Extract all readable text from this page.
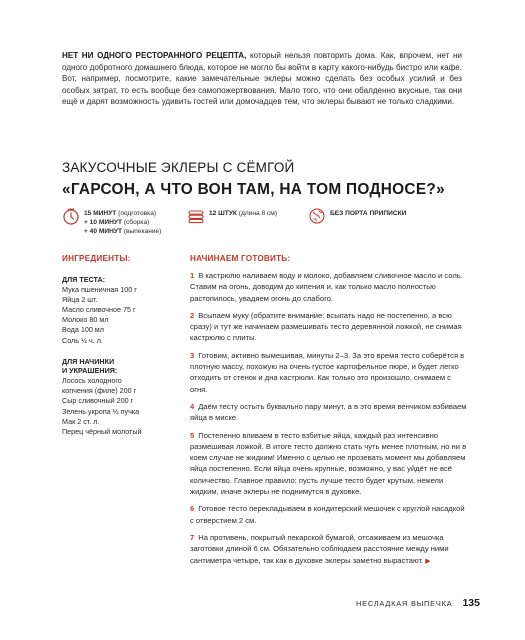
НЕТ НИ ОДНОГО РЕСТОРАННОГО РЕЦЕПТА, который нельзя повторить дома. Как, впрочем, нет ни одного добротного домашнего блюда, которое не могло бы войти в карту какого-нибудь бистро или кафе. Вот, например, посмотрите, какие замечательные эклеры можно сделать без особых усилий и без особых затрат, то есть вообще без самопожертвования. Мало того, что они обалденно вкусные, так они ещё и дарят возможность удивить гостей или домочадцев тем, что эклеры бывают не только сладкими.

ЗАКУСОЧНЫЕ ЭКЛЕРЫ С СЁМГОЙ
«ГАРСОН, А ЧТО ВОН ТАМ, НА ТОМ ПОДНОСЕ?»
15 МИНУТ (подготовка)
+ 10 МИНУТ (сборка)
+ 40 МИНУТ (выпекание)
12 ШТУК (длина 8 см)	БЕЗ ПОРТА ПРИПИСКИ
ИНГРЕДИЕНТЫ:

ДЛЯ ТЕСТА:

Мука пшеничная 100 г

Яйца 2 шт.

Масло сливочное 75 г

Молоко 80 мл

Вода 100 мл

Соль ½ ч. л.

ДЛЯ НАЧИНКИ
И УКРАШЕНИЯ:

Лосось холодного

копчения (филе) 200 г

Сыр сливочный 200 г

Зелень укропа ½ пучка

Мак 2 ст. л.

Перец чёрный молотый

НАЧИНАЕМ ГОТОВИТЬ:

1 В кастрюлю наливаем воду и молоко, добавляем сливочное масло и соль. Ставим на огонь, доводим до кипения и, как только масло полностью растопилось, увадяем огонь до слабого.

2 Всыпаем муку (обратите внимание: всыпать надо не постепенно, а всю сразу) и тут же начинаем размешивать тесто деревянной ложкой, не снимая кастрюлю с плиты.

3 Готовим, активно вымешивая, минуты 2–3. За это время тесто соберётся в плотную массу, похожую на очень густое картофельное пюре, и будет легко отходить от стенок и дна кастрюли. Как только это произошло, снимаем с огня.

4 Даём тесту остыть буквально пару минут, а в это время венчиком взбиваем яйца в миске.

5 Постепенно вливаем в тесто взбитые яйца, каждый раз интенсивно размешивая ложкой. В итоге тесто должно стать чуть менее плотным, но ни в коем случае не жидким! Именно с целью не прозевать момент мы добавляем яйца постепенно. Если яйца очень крупные, возможно, у вас уйдёт не всё количество. Главное правило: пусть лучше тесто будет крутым, нежели жидким, иначе эклеры не поднимутся в духовке.

6 Готовое тесто перекладываем в кондитерский мешочек с круглой насадкой с отверстием 2 см.

7 На противень, покрытый пекарской бумагой, отсаживаем из мешочка заготовки длиной 6 см. Обязательно соблюдаем расстояние между ними сантиметра четыре, так как в духовке эклеры заметно вырастают. ▶

НЕСЛАДКАЯ ВЫПЕЧКА 135
